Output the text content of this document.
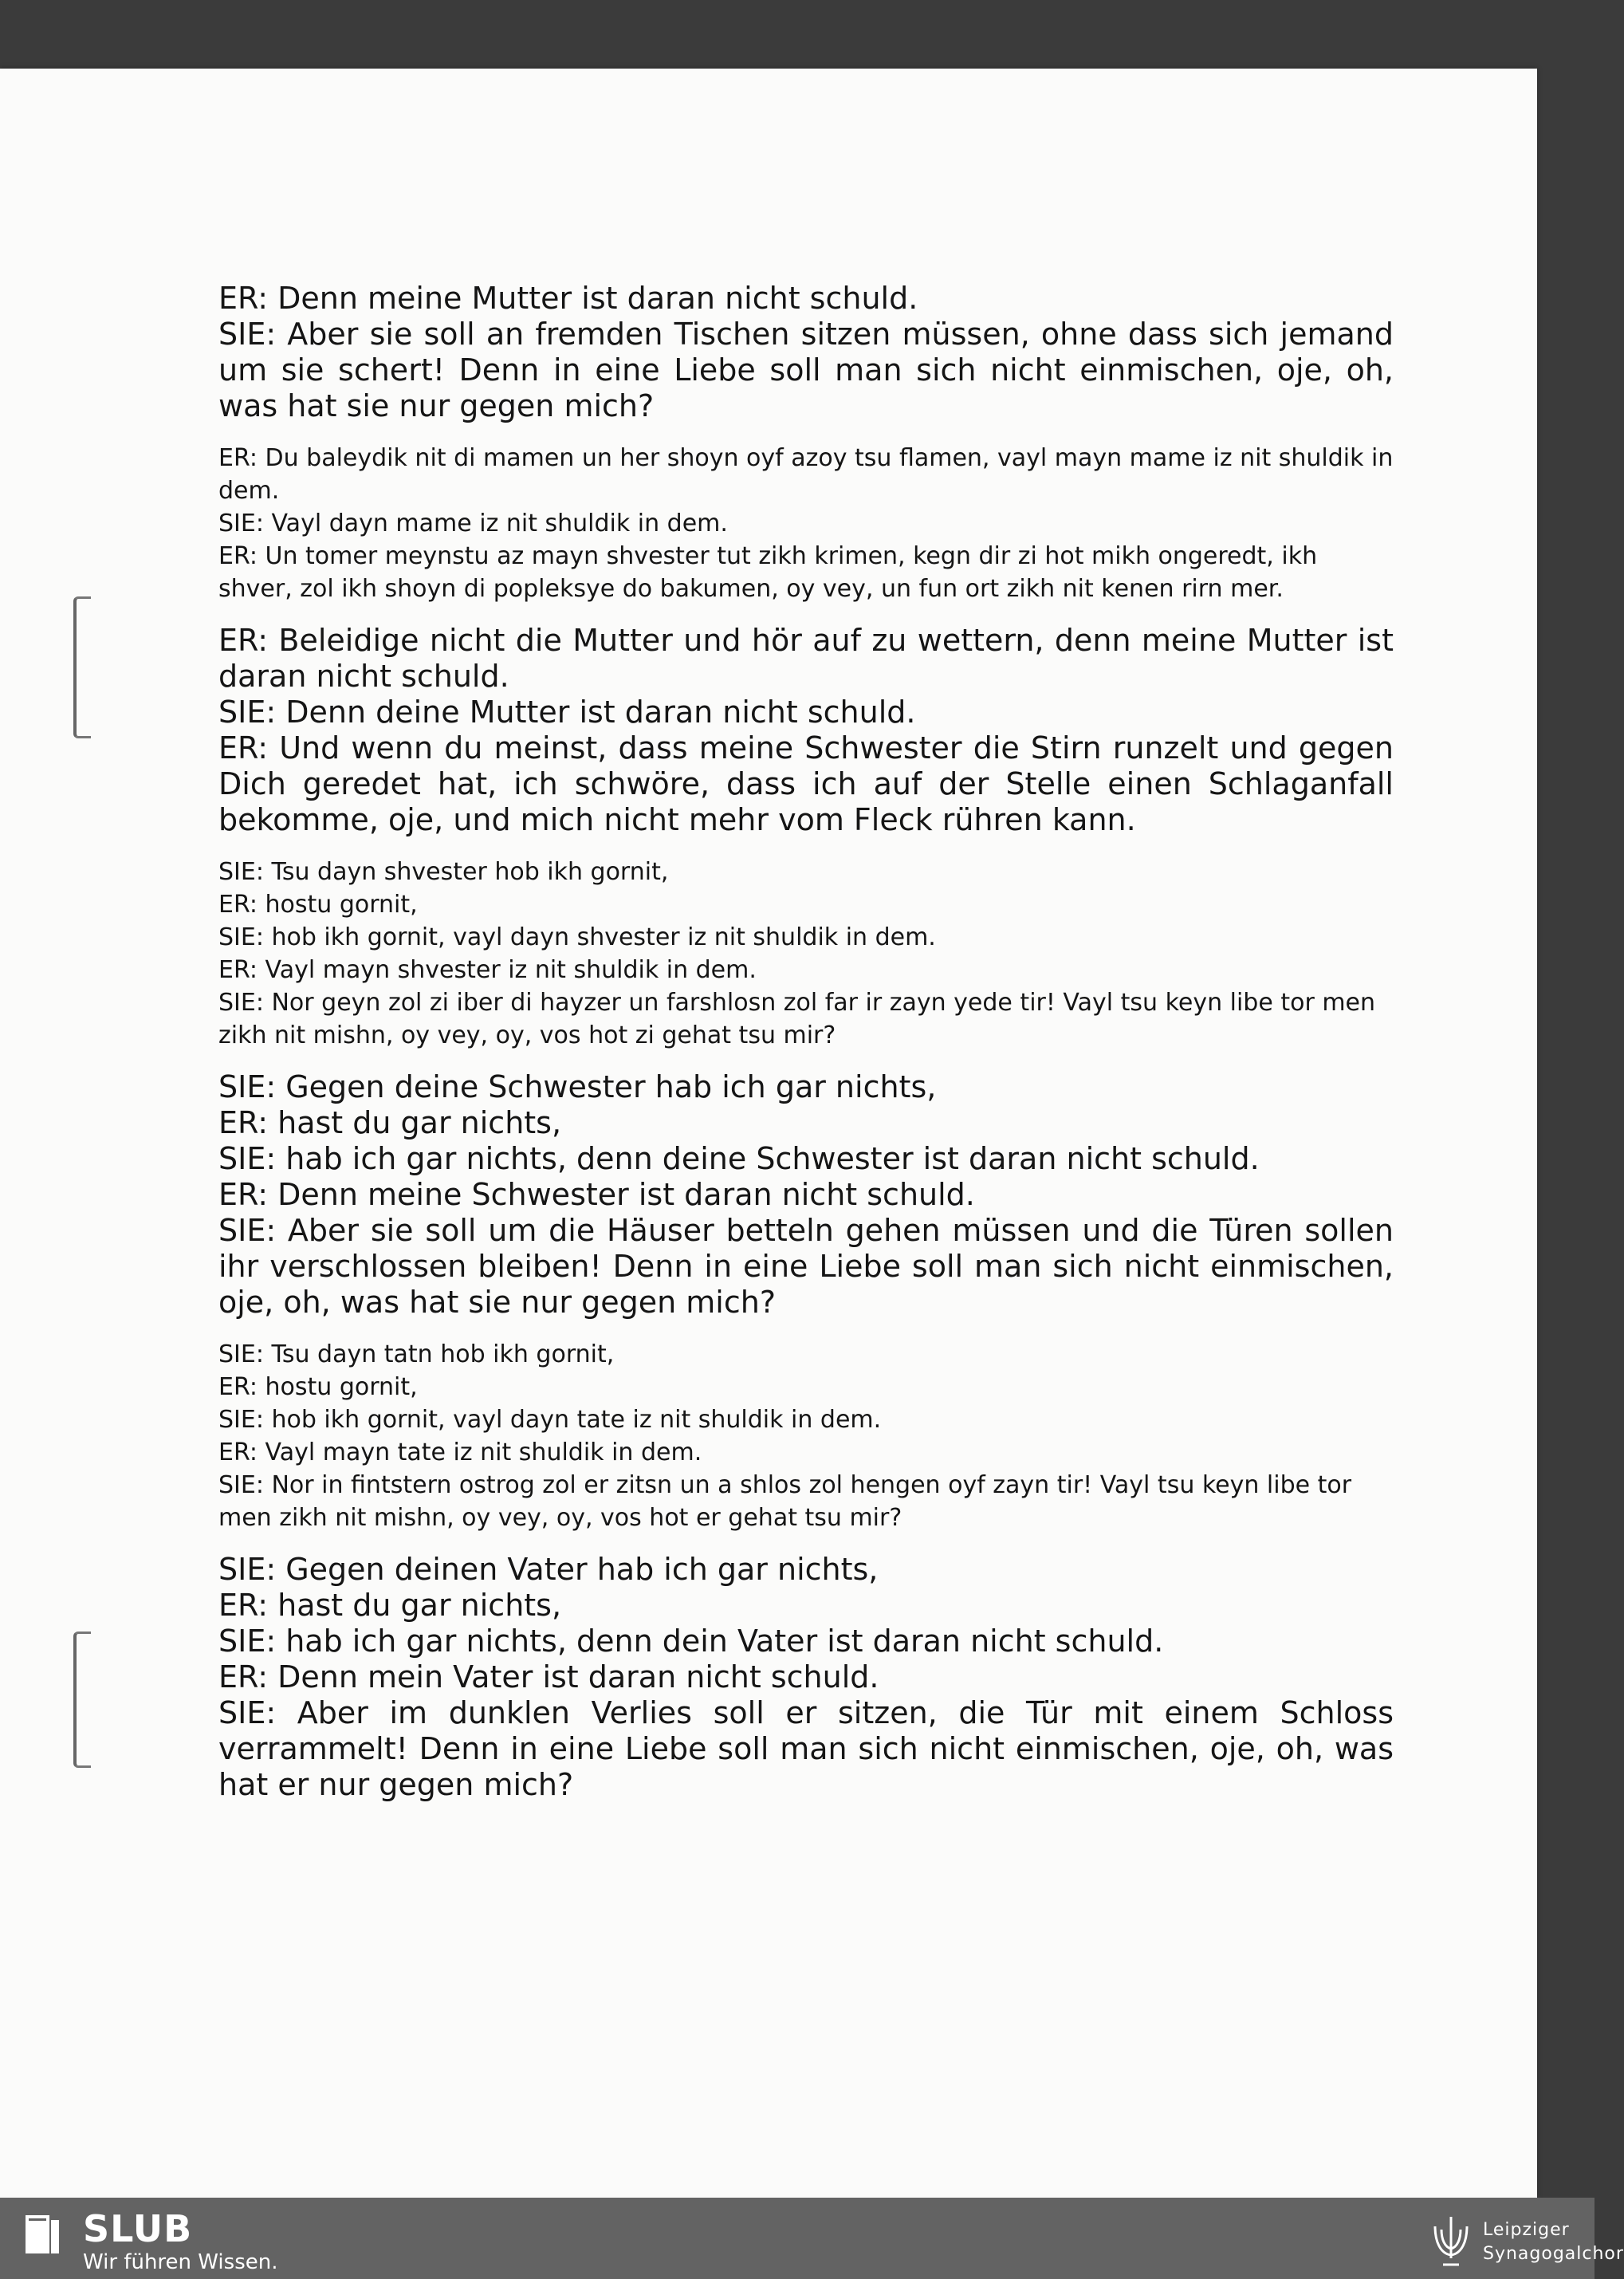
ER: Denn meine Mutter ist daran nicht schuld.
SIE: Aber sie soll an fremden Tischen sitzen müssen, ohne dass sich jemand um sie schert! Denn in eine Liebe soll man sich nicht einmischen, oje, oh, was hat sie nur gegen mich?
ER: Du baleydik nit di mamen un her shoyn oyf azoy tsu flamen, vayl mayn mame iz nit shuldik in dem.
SIE: Vayl dayn mame iz nit shuldik in dem.
ER: Un tomer meynstu az mayn shvester tut zikh krimen, kegn dir zi hot mikh ongeredt, ikh shver, zol ikh shoyn di popleksye do bakumen, oy vey, un fun ort zikh nit kenen rirn mer.
ER: Beleidige nicht die Mutter und hör auf zu wettern, denn meine Mutter ist daran nicht schuld.
SIE: Denn deine Mutter ist daran nicht schuld.
ER: Und wenn du meinst, dass meine Schwester die Stirn runzelt und gegen Dich geredet hat, ich schwöre, dass ich auf der Stelle einen Schlaganfall bekomme, oje, und mich nicht mehr vom Fleck rühren kann.
SIE: Tsu dayn shvester hob ikh gornit,
ER: hostu gornit,
SIE: hob ikh gornit, vayl dayn shvester iz nit shuldik in dem.
ER: Vayl mayn shvester iz nit shuldik in dem.
SIE: Nor geyn zol zi iber di hayzer un farshlosn zol far ir zayn yede tir! Vayl tsu keyn libe tor men zikh nit mishn, oy vey, oy, vos hot zi gehat tsu mir?
SIE: Gegen deine Schwester hab ich gar nichts,
ER: hast du gar nichts,
SIE: hab ich gar nichts, denn deine Schwester ist daran nicht schuld.
ER: Denn meine Schwester ist daran nicht schuld.
SIE: Aber sie soll um die Häuser betteln gehen müssen und die Türen sollen ihr verschlossen bleiben! Denn in eine Liebe soll man sich nicht einmischen, oje, oh, was hat sie nur gegen mich?
SIE: Tsu dayn tatn hob ikh gornit,
ER: hostu gornit,
SIE: hob ikh gornit, vayl dayn tate iz nit shuldik in dem.
ER: Vayl mayn tate iz nit shuldik in dem.
SIE: Nor in fintstern ostrog zol er zitsn un a shlos zol hengen oyf zayn tir! Vayl tsu keyn libe tor men zikh nit mishn, oy vey, oy, vos hot er gehat tsu mir?
SIE: Gegen deinen Vater hab ich gar nichts,
ER: hast du gar nichts,
SIE: hab ich gar nichts, denn dein Vater ist daran nicht schuld.
ER: Denn mein Vater ist daran nicht schuld.
SIE: Aber im dunklen Verlies soll er sitzen, die Tür mit einem Schloss verrammelt! Denn in eine Liebe soll man sich nicht einmischen, oje, oh, was hat er nur gegen mich?
SLUB
Wir führen Wissen.
Leipziger
Synagogalchor
